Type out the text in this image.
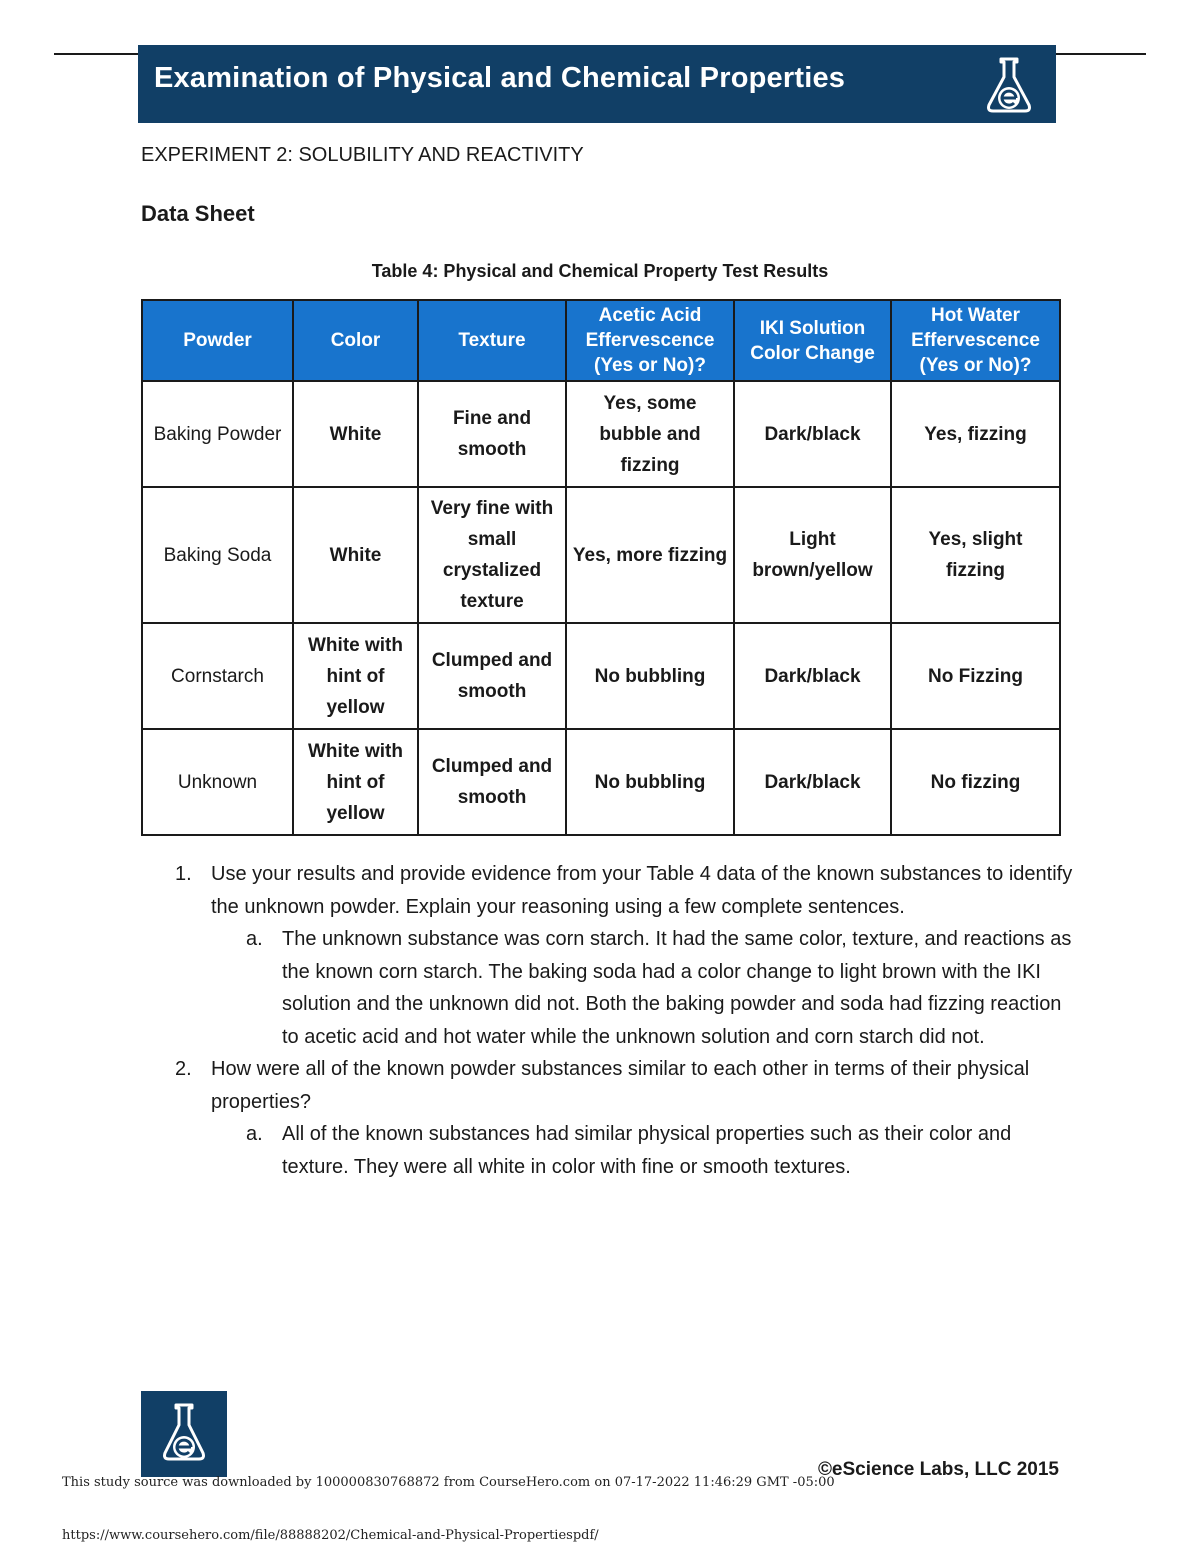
Examination of Physical and Chemical Properties
EXPERIMENT 2: SOLUBILITY AND REACTIVITY
Data Sheet
Table 4: Physical and Chemical Property Test Results
Powder	Color	Texture	Acetic Acid Effervescence (Yes or No)?	IKI Solution Color Change	Hot Water Effervescence (Yes or No)?
Baking Powder	White	Fine and smooth	Yes, some bubble and fizzing	Dark/black	Yes, fizzing
Baking Soda	White	Very fine with small crystalized texture	Yes, more fizzing	Light brown/yellow	Yes, slight fizzing
Cornstarch	White with hint of yellow	Clumped and smooth	No bubbling	Dark/black	No Fizzing
Unknown	White with hint of yellow	Clumped and smooth	No bubbling	Dark/black	No fizzing
1. Use your results and provide evidence from your Table 4 data of the known substances to identify the unknown powder. Explain your reasoning using a few complete sentences.
a. The unknown substance was corn starch. It had the same color, texture, and reactions as the known corn starch. The baking soda had a color change to light brown with the IKI solution and the unknown did not. Both the baking powder and soda had fizzing reaction to acetic acid and hot water while the unknown solution and corn starch did not.
2. How were all of the known powder substances similar to each other in terms of their physical properties?
a. All of the known substances had similar physical properties such as their color and texture. They were all white in color with fine or smooth textures.
©eScience Labs, LLC 2015
This study source was downloaded by 100000830768872 from CourseHero.com on 07-17-2022 11:46:29 GMT -05:00
https://www.coursehero.com/file/88888202/Chemical-and-Physical-Propertiespdf/
